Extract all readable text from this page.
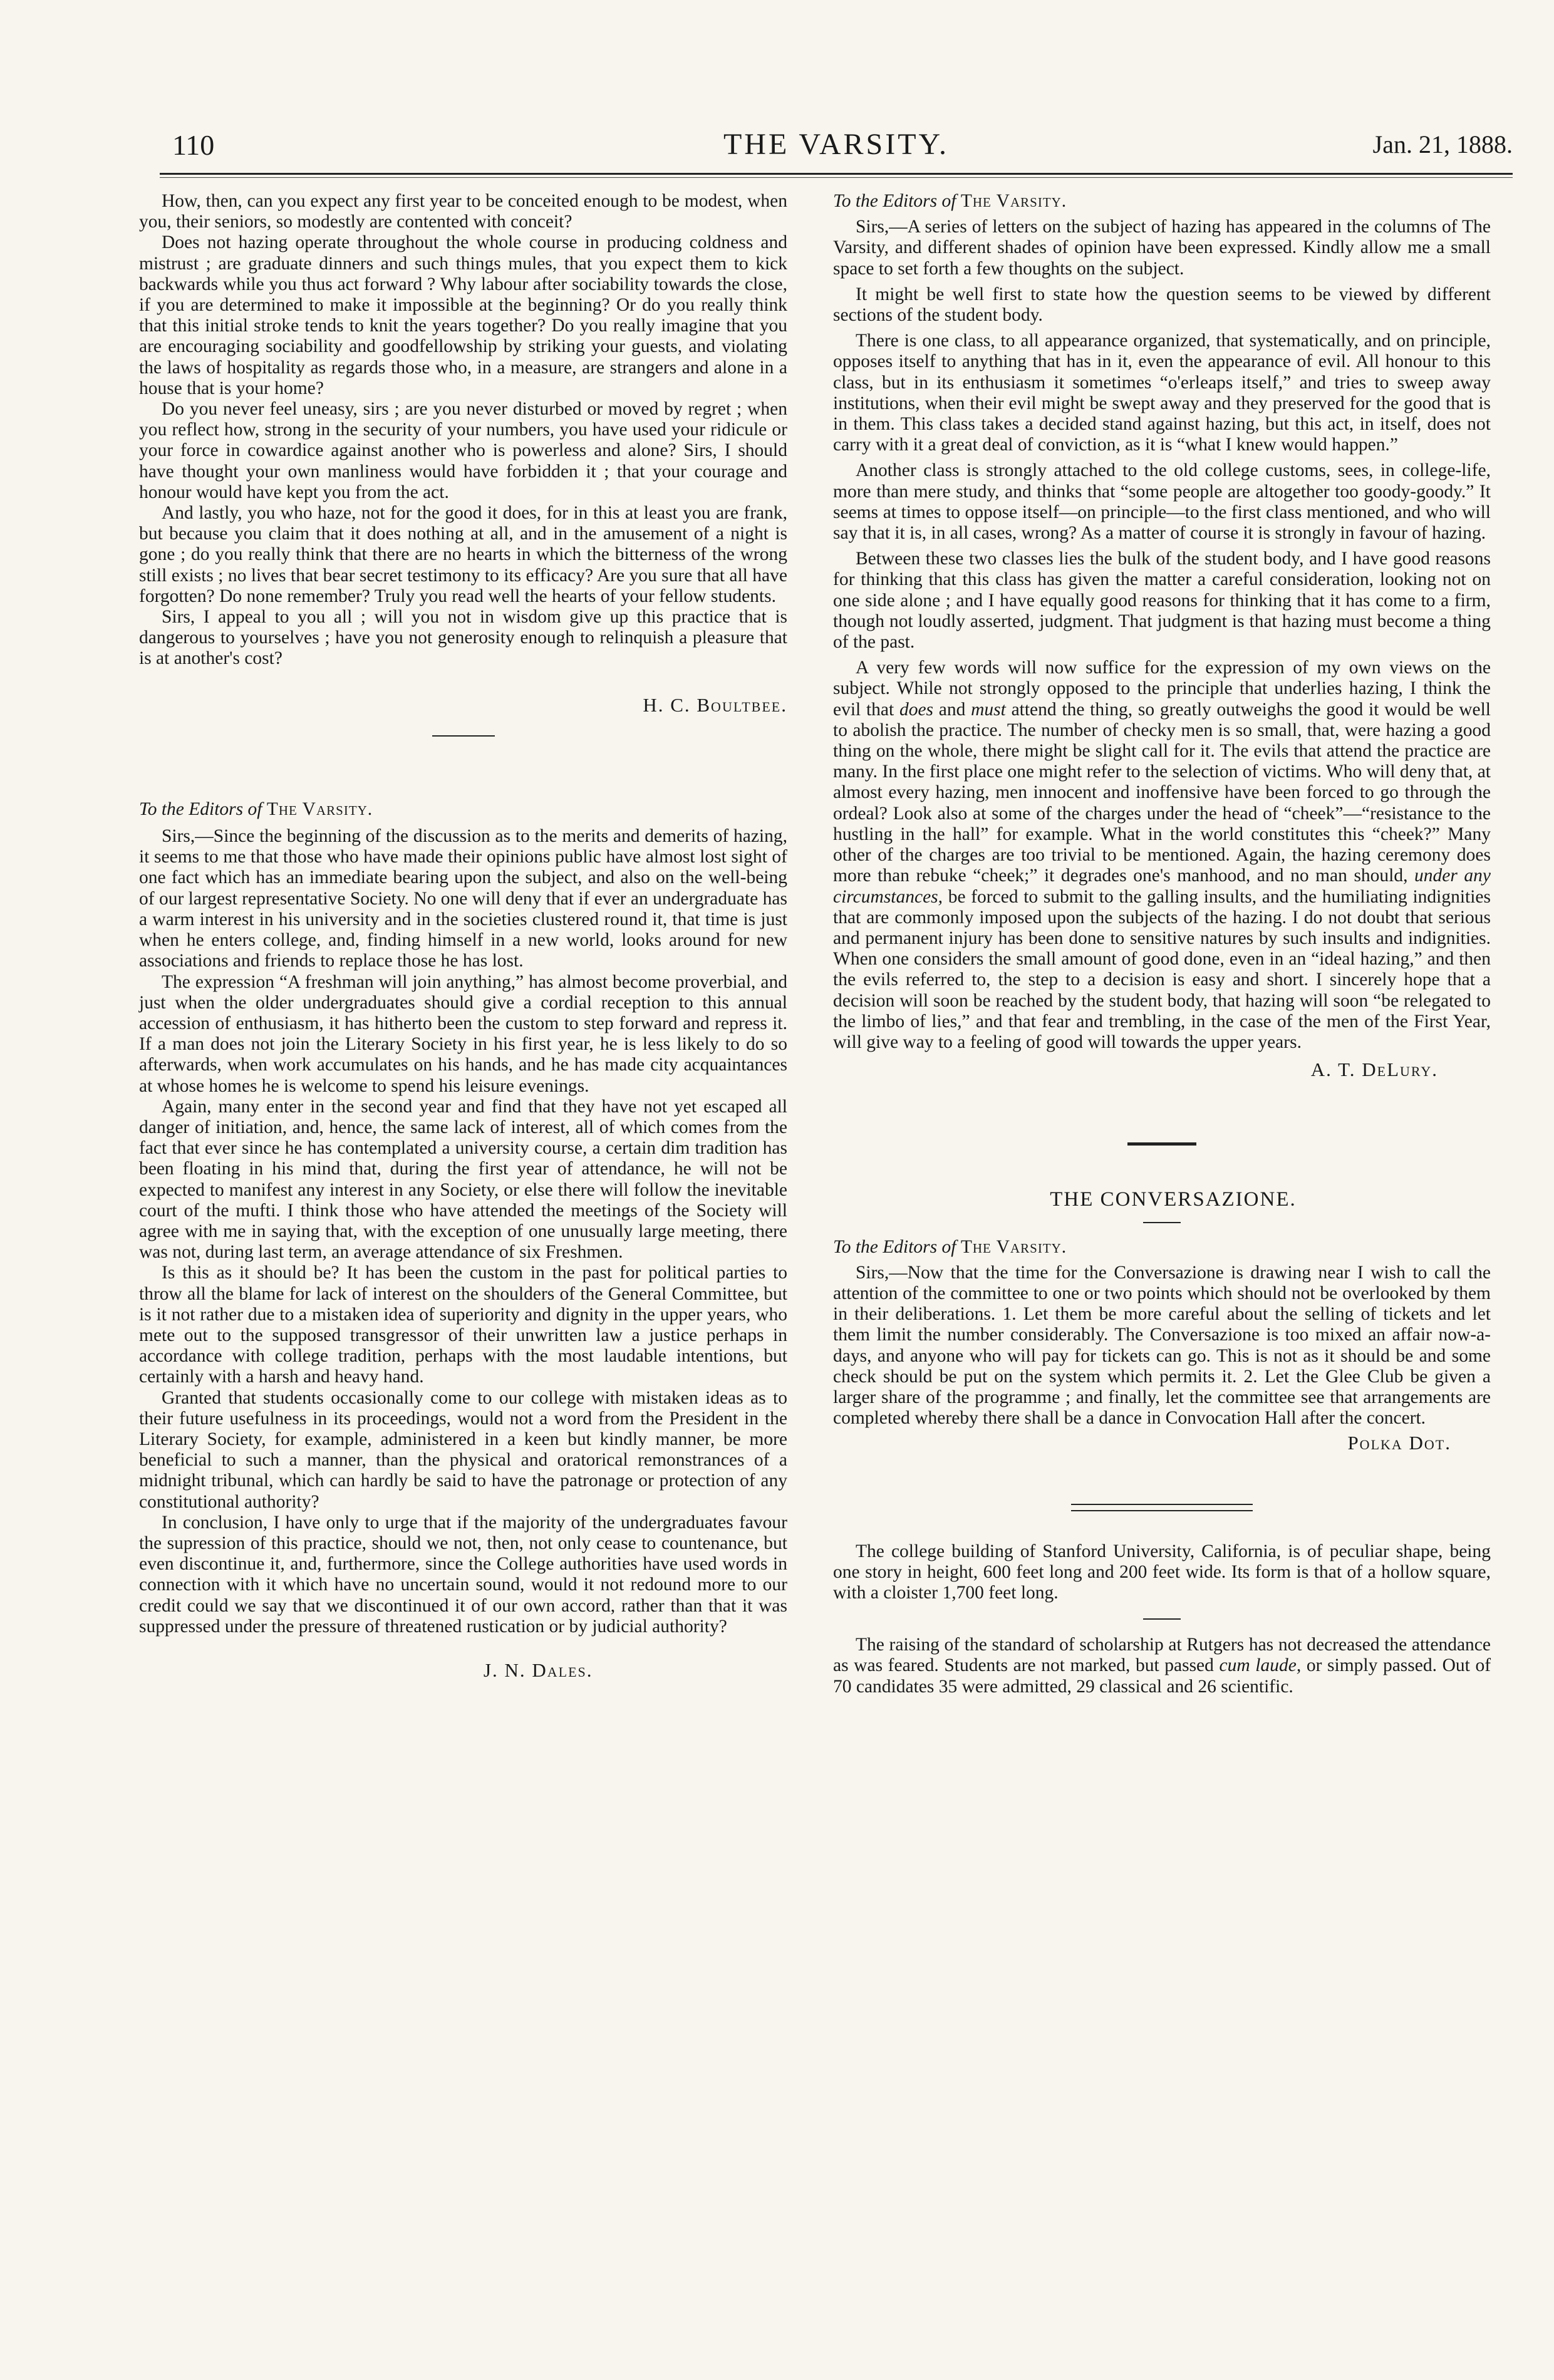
110	THE VARSITY.	Jan. 21, 1888.

How, then, can you expect any first year to be conceited enough to be modest, when you, their seniors, so modestly are contented with conceit?

Does not hazing operate throughout the whole course in producing coldness and mistrust ; are graduate dinners and such things mules, that you expect them to kick backwards while you thus act forward ? Why labour after sociability towards the close, if you are determined to make it impossible at the beginning? Or do you really think that this initial stroke tends to knit the years together? Do you really imagine that you are encouraging sociability and goodfellowship by striking your guests, and violating the laws of hospitality as regards those who, in a measure, are strangers and alone in a house that is your home?

Do you never feel uneasy, sirs ; are you never disturbed or moved by regret ; when you reflect how, strong in the security of your numbers, you have used your ridicule or your force in cowardice against another who is powerless and alone? Sirs, I should have thought your own manliness would have forbidden it ; that your courage and honour would have kept you from the act.

And lastly, you who haze, not for the good it does, for in this at least you are frank, but because you claim that it does nothing at all, and in the amusement of a night is gone ; do you really think that there are no hearts in which the bitterness of the wrong still exists ; no lives that bear secret testimony to its efficacy? Are you sure that all have forgotten? Do none remember? Truly you read well the hearts of your fellow students.

Sirs, I appeal to you all ; will you not in wisdom give up this practice that is dangerous to yourselves ; have you not generosity enough to relinquish a pleasure that is at another's cost?

H. C. Boultbee.

To the Editors of The Varsity.

Sirs,—Since the beginning of the discussion as to the merits and demerits of hazing, it seems to me that those who have made their opinions public have almost lost sight of one fact which has an immediate bearing upon the subject, and also on the well-being of our largest representative Society. No one will deny that if ever an undergraduate has a warm interest in his university and in the societies clustered round it, that time is just when he enters college, and, finding himself in a new world, looks around for new associations and friends to replace those he has lost.

The expression “A freshman will join anything,” has almost become proverbial, and just when the older undergraduates should give a cordial reception to this annual accession of enthusiasm, it has hitherto been the custom to step forward and repress it. If a man does not join the Literary Society in his first year, he is less likely to do so afterwards, when work accumulates on his hands, and he has made city acquaintances at whose homes he is welcome to spend his leisure evenings.

Again, many enter in the second year and find that they have not yet escaped all danger of initiation, and, hence, the same lack of interest, all of which comes from the fact that ever since he has contemplated a university course, a certain dim tradition has been floating in his mind that, during the first year of attendance, he will not be expected to manifest any interest in any Society, or else there will follow the inevitable court of the mufti. I think those who have attended the meetings of the Society will agree with me in saying that, with the exception of one unusually large meeting, there was not, during last term, an average attendance of six Freshmen.

Is this as it should be? It has been the custom in the past for political parties to throw all the blame for lack of interest on the shoulders of the General Committee, but is it not rather due to a mistaken idea of superiority and dignity in the upper years, who mete out to the supposed transgressor of their unwritten law a justice perhaps in accordance with college tradition, perhaps with the most laudable intentions, but certainly with a harsh and heavy hand.

Granted that students occasionally come to our college with mistaken ideas as to their future usefulness in its proceedings, would not a word from the President in the Literary Society, for example, administered in a keen but kindly manner, be more beneficial to such a manner, than the physical and oratorical remonstrances of a midnight tribunal, which can hardly be said to have the patronage or protection of any constitutional authority?

In conclusion, I have only to urge that if the majority of the undergraduates favour the supression of this practice, should we not, then, not only cease to countenance, but even discontinue it, and, furthermore, since the College authorities have used words in connection with it which have no uncertain sound, would it not redound more to our credit could we say that we discontinued it of our own accord, rather than that it was suppressed under the pressure of threatened rustication or by judicial authority?

J. N. Dales.

To the Editors of The Varsity.

Sirs,—A series of letters on the subject of hazing has appeared in the columns of The Varsity, and different shades of opinion have been expressed. Kindly allow me a small space to set forth a few thoughts on the subject.

It might be well first to state how the question seems to be viewed by different sections of the student body.

There is one class, to all appearance organized, that systematically, and on principle, opposes itself to anything that has in it, even the appearance of evil. All honour to this class, but in its enthusiasm it sometimes “o'erleaps itself,” and tries to sweep away institutions, when their evil might be swept away and they preserved for the good that is in them. This class takes a decided stand against hazing, but this act, in itself, does not carry with it a great deal of conviction, as it is “what I knew would happen.”

Another class is strongly attached to the old college customs, sees, in college-life, more than mere study, and thinks that “some people are altogether too goody-goody.” It seems at times to oppose itself—on principle—to the first class mentioned, and who will say that it is, in all cases, wrong? As a matter of course it is strongly in favour of hazing.

Between these two classes lies the bulk of the student body, and I have good reasons for thinking that this class has given the matter a careful consideration, looking not on one side alone ; and I have equally good reasons for thinking that it has come to a firm, though not loudly asserted, judgment. That judgment is that hazing must become a thing of the past.

A very few words will now suffice for the expression of my own views on the subject. While not strongly opposed to the principle that underlies hazing, I think the evil that does and must attend the thing, so greatly outweighs the good it would be well to abolish the practice. The number of checky men is so small, that, were hazing a good thing on the whole, there might be slight call for it. The evils that attend the practice are many. In the first place one might refer to the selection of victims. Who will deny that, at almost every hazing, men innocent and inoffensive have been forced to go through the ordeal? Look also at some of the charges under the head of “cheek”—“resistance to the hustling in the hall” for example. What in the world constitutes this “cheek?” Many other of the charges are too trivial to be mentioned. Again, the hazing ceremony does more than rebuke “cheek;” it degrades one's manhood, and no man should, under any circumstances, be forced to submit to the galling insults, and the humiliating indignities that are commonly imposed upon the subjects of the hazing. I do not doubt that serious and permanent injury has been done to sensitive natures by such insults and indignities. When one considers the small amount of good done, even in an “ideal hazing,” and then the evils referred to, the step to a decision is easy and short. I sincerely hope that a decision will soon be reached by the student body, that hazing will soon “be relegated to the limbo of lies,” and that fear and trembling, in the case of the men of the First Year, will give way to a feeling of good will towards the upper years.

A. T. DeLury.

THE CONVERSAZIONE.

To the Editors of The Varsity.

Sirs,—Now that the time for the Conversazione is drawing near I wish to call the attention of the committee to one or two points which should not be overlooked by them in their deliberations. 1. Let them be more careful about the selling of tickets and let them limit the number considerably. The Conversazione is too mixed an affair now-a-days, and anyone who will pay for tickets can go. This is not as it should be and some check should be put on the system which permits it. 2. Let the Glee Club be given a larger share of the programme ; and finally, let the committee see that arrangements are completed whereby there shall be a dance in Convocation Hall after the concert.

Polka Dot.

The college building of Stanford University, California, is of peculiar shape, being one story in height, 600 feet long and 200 feet wide. Its form is that of a hollow square, with a cloister 1,700 feet long.

The raising of the standard of scholarship at Rutgers has not decreased the attendance as was feared. Students are not marked, but passed cum laude, or simply passed. Out of 70 candidates 35 were admitted, 29 classical and 26 scientific.
